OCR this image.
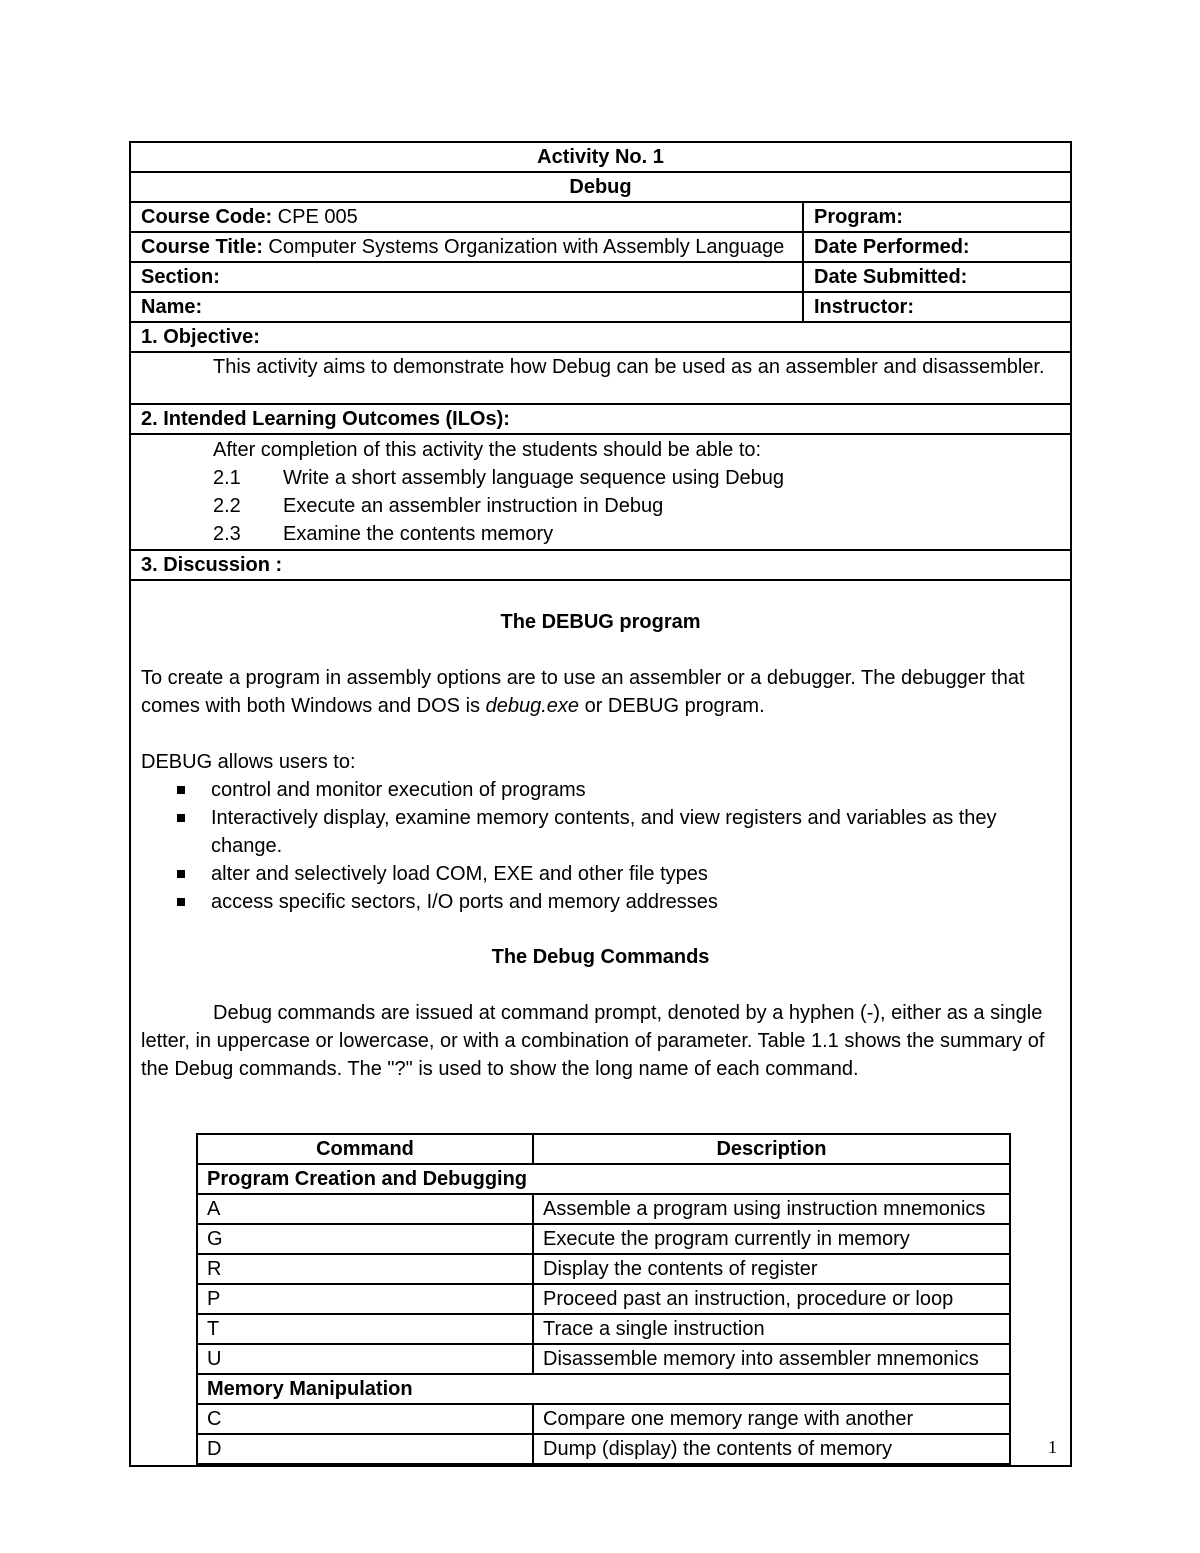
Activity No. 1
Debug
Course Code: CPE 005	Program:
Course Title: Computer Systems Organization with Assembly Language	Date Performed:
Section:	Date Submitted:
Name:	Instructor:
1. Objective:

This activity aims to demonstrate how Debug can be used as an assembler and disassembler.

2. Intended Learning Outcomes (ILOs):

After completion of this activity the students should be able to:

2.1 Write a short assembly language sequence using Debug

2.2 Execute an assembler instruction in Debug

2.3 Examine the contents memory

3. Discussion :

The DEBUG program

To create a program in assembly options are to use an assembler or a debugger. The debugger that comes with both Windows and DOS is debug.exe or DEBUG program.

DEBUG allows users to:

control and monitor execution of programs
Interactively display, examine memory contents, and view registers and variables as they change.
alter and selectively load COM, EXE and other file types
access specific sectors, I/O ports and memory addresses

The Debug Commands

Debug commands are issued at command prompt, denoted by a hyphen (-), either as a single letter, in uppercase or lowercase, or with a combination of parameter. Table 1.1 shows the summary of the Debug commands. The "?" is used to show the long name of each command.

Command	Description
Program Creation and Debugging
A	Assemble a program using instruction mnemonics
G	Execute the program currently in memory
R	Display the contents of register
P	Proceed past an instruction, procedure or loop
T	Trace a single instruction
U	Disassemble memory into assembler mnemonics
Memory Manipulation
C	Compare one memory range with another
D	Dump (display) the contents of memory	1
